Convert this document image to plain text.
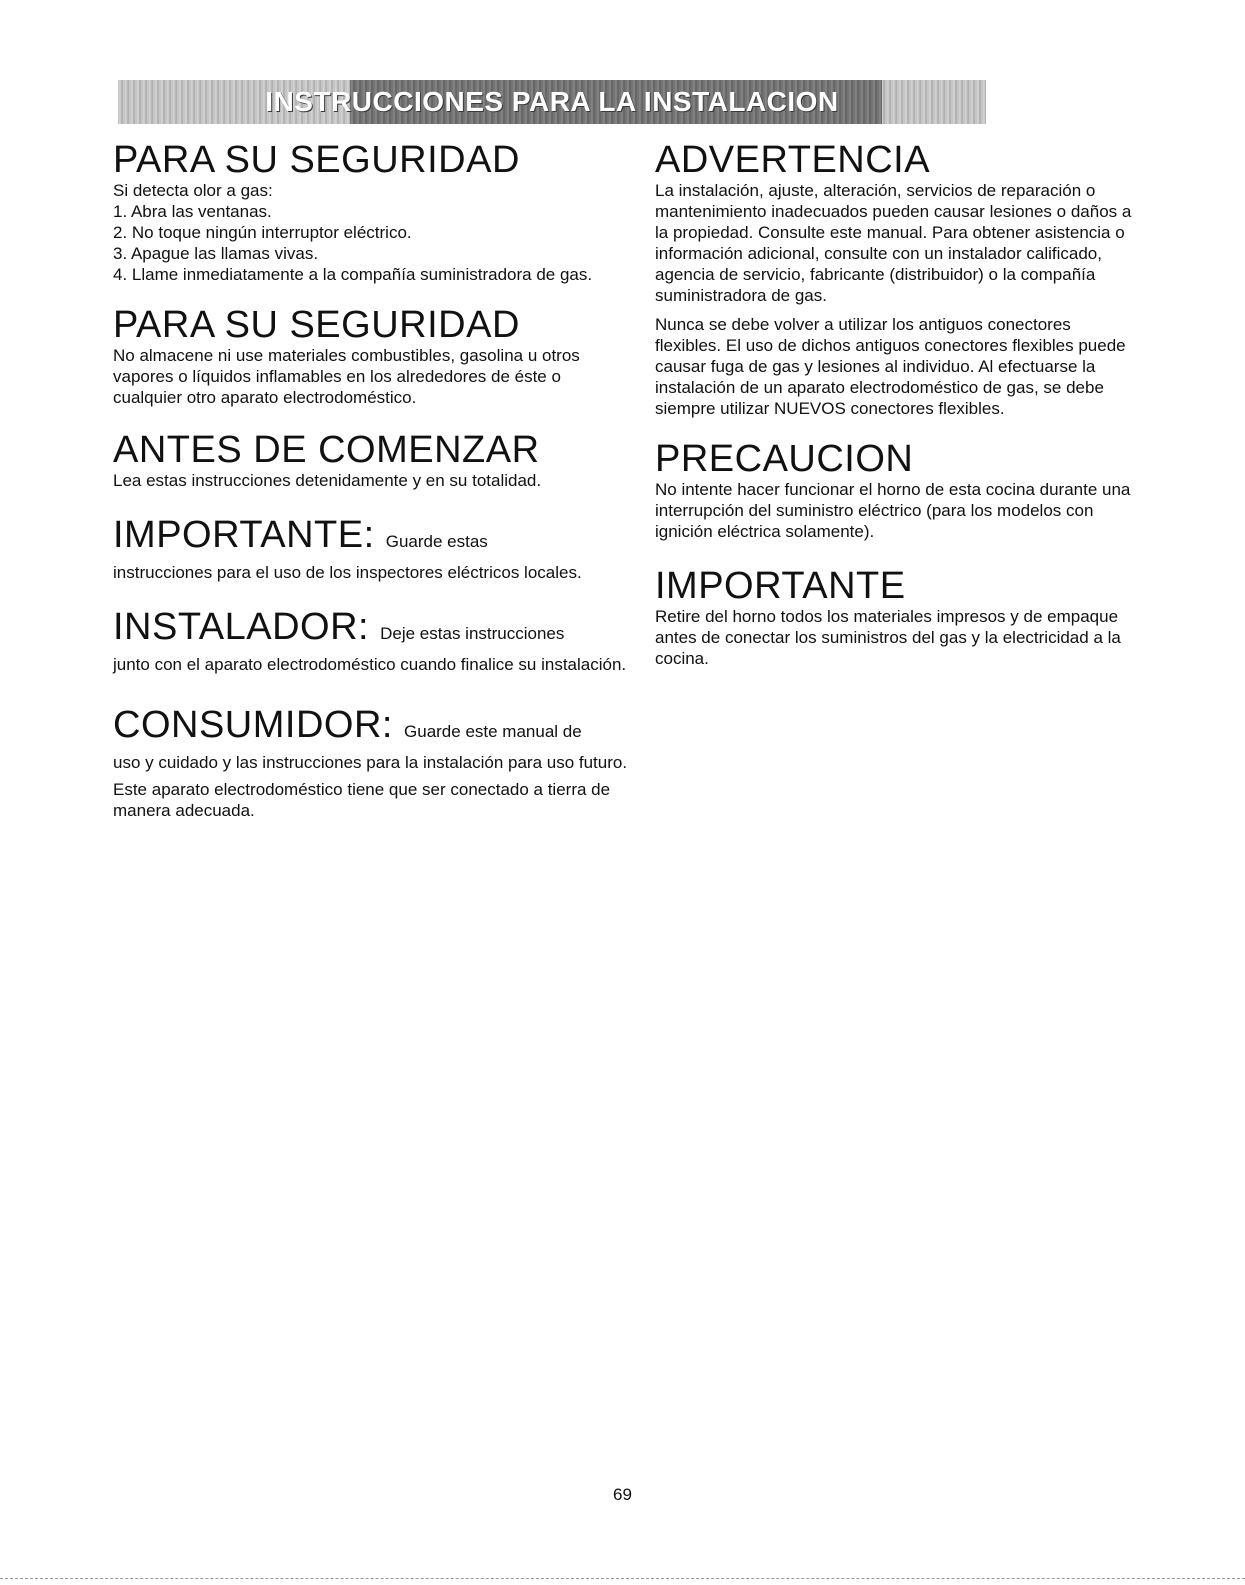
INSTRUCCIONES PARA LA INSTALACION
PARA SU SEGURIDAD

Si detecta olor a gas:

1. Abra las ventanas.
2. No toque ningún interruptor eléctrico.
3. Apague las llamas vivas.
4. Llame inmediatamente a la compañía suministradora de gas.
PARA SU SEGURIDAD

No almacene ni use materiales combustibles, gasolina u otros vapores o líquidos inflamables en los alrededores de éste o cualquier otro aparato electrodoméstico.

ANTES DE COMENZAR

Lea estas instrucciones detenidamente y en su totalidad.

IMPORTANTE: Guarde estas

instrucciones para el uso de los inspectores eléctricos locales.

INSTALADOR: Deje estas instrucciones

junto con el aparato electrodoméstico cuando finalice su instalación.

CONSUMIDOR: Guarde este manual de

uso y cuidado y las instrucciones para la instalación para uso futuro.

Este aparato electrodoméstico tiene que ser conectado a tierra de manera adecuada.

ADVERTENCIA

La instalación, ajuste, alteración, servicios de reparación o mantenimiento inadecuados pueden causar lesiones o daños a la propiedad. Consulte este manual. Para obtener asistencia o información adicional, consulte con un instalador calificado, agencia de servicio, fabricante (distribuidor) o la compañía suministradora de gas.

Nunca se debe volver a utilizar los antiguos conectores flexibles. El uso de dichos antiguos conectores flexibles puede causar fuga de gas y lesiones al individuo. Al efectuarse la instalación de un aparato electrodoméstico de gas, se debe siempre utilizar NUEVOS conectores flexibles.

PRECAUCION

No intente hacer funcionar el horno de esta cocina durante una interrupción del suministro eléctrico (para los modelos con ignición eléctrica solamente).

IMPORTANTE

Retire del horno todos los materiales impresos y de empaque antes de conectar los suministros del gas y la electricidad a la cocina.

69
